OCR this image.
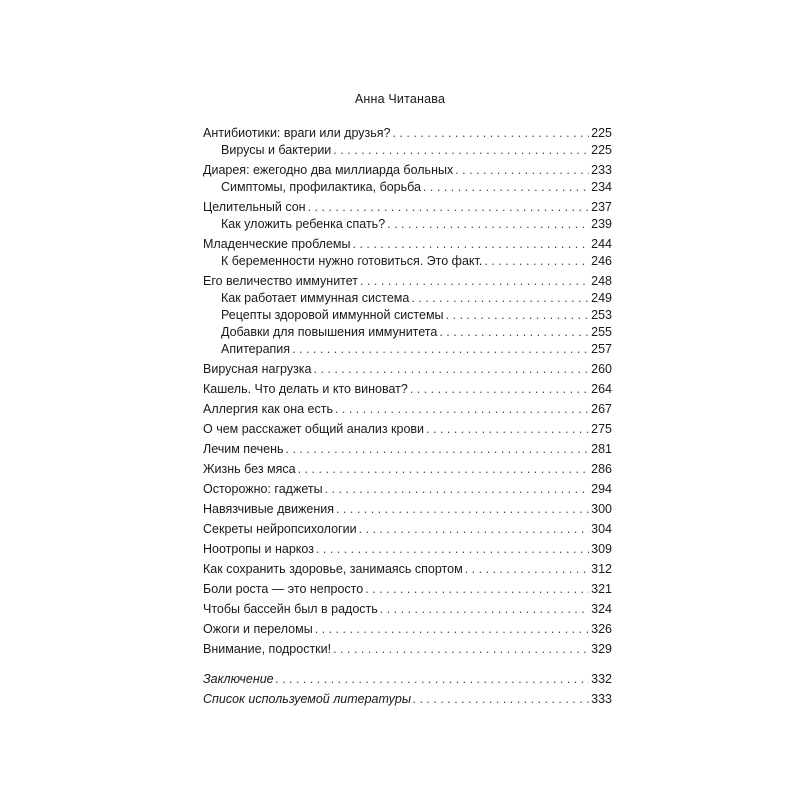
Анна Читанава
Антибиотики: враги или друзья? . . .	225
Вирусы и бактерии . . .	225
Диарея: ежегодно два миллиарда больных . . .	233
Симптомы, профилактика, борьба . . .	234
Целительный сон . . .	237
Как уложить ребенка спать? . . .	239
Младенческие проблемы . . .	244
К беременности нужно готовиться. Это факт. . . .	246
Его величество иммунитет . . .	248
Как работает иммунная система . . .	249
Рецепты здоровой иммунной системы . . .	253
Добавки для повышения иммунитета . . .	255
Апитерапия . . .	257
Вирусная нагрузка . . .	260
Кашель. Что делать и кто виноват? . . .	264
Аллергия как она есть . . .	267
О чем расскажет общий анализ крови . . .	275
Лечим печень . . .	281
Жизнь без мяса . . .	286
Осторожно: гаджеты . . .	294
Навязчивые движения . . .	300
Секреты нейропсихологии . . .	304
Ноотропы и наркоз . . .	309
Как сохранить здоровье, занимаясь спортом . . .	312
Боли роста — это непросто . . .	321
Чтобы бассейн был в радость . . .	324
Ожоги и переломы . . .	326
Внимание, подростки! . . .	329
Заключение . . .	332
Список используемой литературы . . .	333
